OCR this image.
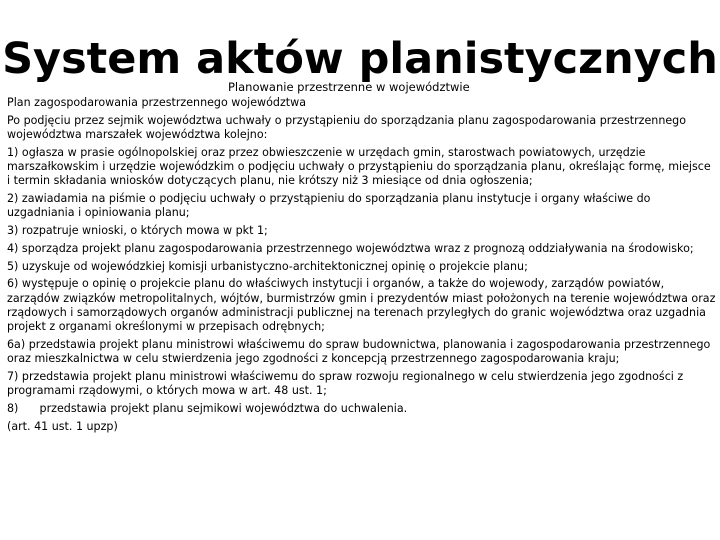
System aktów planistycznych
Planowanie przestrzenne w województwie

Plan zagospodarowania przestrzennego województwa

Po podjęciu przez sejmik województwa uchwały o przystąpieniu do sporządzania planu zagospodarowania przestrzennego województwa marszałek województwa kolejno:

1) ogłasza w prasie ogólnopolskiej oraz przez obwieszczenie w urzędach gmin, starostwach powiatowych, urzędzie marszałkowskim i urzędzie wojewódzkim o podjęciu uchwały o przystąpieniu do sporządzania planu, określając formę, miejsce i termin składania wniosków dotyczących planu, nie krótszy niż 3 miesiące od dnia ogłoszenia;

2) zawiadamia na piśmie o podjęciu uchwały o przystąpieniu do sporządzania planu instytucje i organy właściwe do uzgadniania i opiniowania planu;

3) rozpatruje wnioski, o których mowa w pkt 1;

4) sporządza projekt planu zagospodarowania przestrzennego województwa wraz z prognozą oddziaływania na środowisko;

5) uzyskuje od wojewódzkiej komisji urbanistyczno-architektonicznej opinię o projekcie planu;

6) występuje o opinię o projekcie planu do właściwych instytucji i organów, a także do wojewody, zarządów powiatów, zarządów związków metropolitalnych, wójtów, burmistrzów gmin i prezydentów miast położonych na terenie województwa oraz rządowych i samorządowych organów administracji publicznej na terenach przyległych do granic województwa oraz uzgadnia projekt z organami określonymi w przepisach odrębnych;

6a) przedstawia projekt planu ministrowi właściwemu do spraw budownictwa, planowania i zagospodarowania przestrzennego oraz mieszkalnictwa w celu stwierdzenia jego zgodności z koncepcją przestrzennego zagospodarowania kraju;

7) przedstawia projekt planu ministrowi właściwemu do spraw rozwoju regionalnego w celu stwierdzenia jego zgodności z programami rządowymi, o których mowa w art. 48 ust. 1;

8)      przedstawia projekt planu sejmikowi województwa do uchwalenia.

(art. 41 ust. 1 upzp)
